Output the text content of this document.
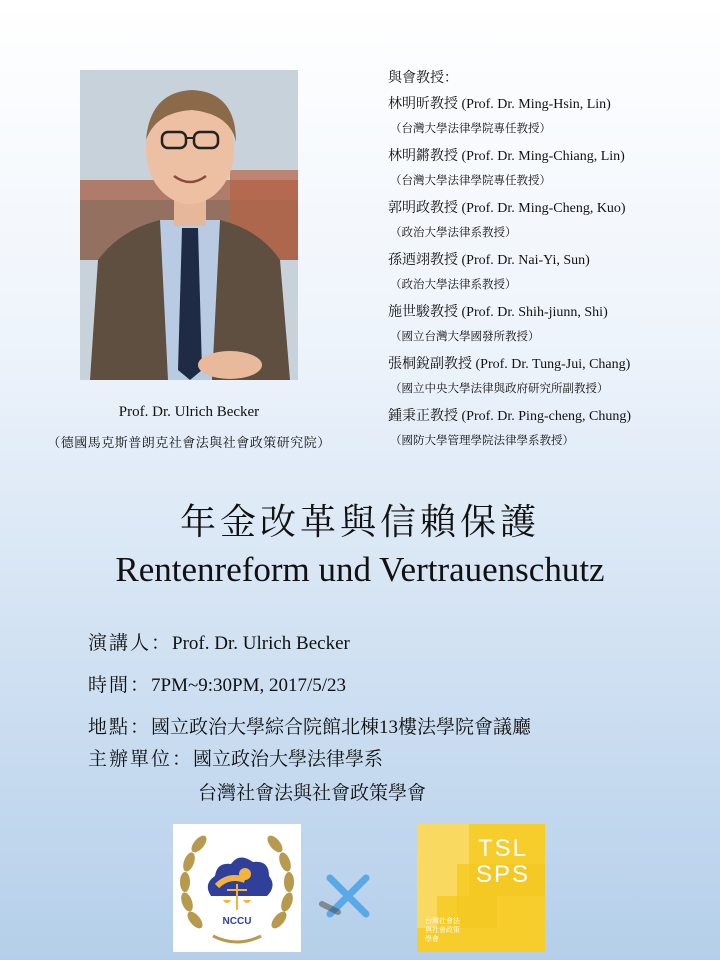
Prof. Dr. Ulrich Becker
（德國馬克斯普朗克社會法與社會政策研究院）
與會教授：
林明昕教授 (Prof. Dr. Ming-Hsin, Lin)
（台灣大學法律學院專任教授）
林明鏘教授 (Prof. Dr. Ming-Chiang, Lin)
（台灣大學法律學院專任教授）
郭明政教授 (Prof. Dr. Ming-Cheng, Kuo)
（政治大學法律系教授）
孫迺翊教授 (Prof. Dr. Nai-Yi, Sun)
（政治大學法律系教授）
施世駿教授 (Prof. Dr. Shih-jiunn, Shi)
（國立台灣大學國發所教授）
張桐銳副教授 (Prof. Dr. Tung-Jui, Chang)
（國立中央大學法律與政府研究所副教授）
鍾秉正教授 (Prof. Dr. Ping-cheng, Chung)
（國防大學管理學院法律學系教授）
年金改革與信賴保護
Rentenreform und Vertrauenschutz
演講人：Prof. Dr. Ulrich Becker
時間：7PM~9:30PM, 2017/5/23
地點：國立政治大學綜合院館北棟13樓法學院會議廳
主辦單位：國立政治大學法律學系
台灣社會法與社會政策學會
NCCU
TSL
SPS
台灣社會法與社會政策學會
